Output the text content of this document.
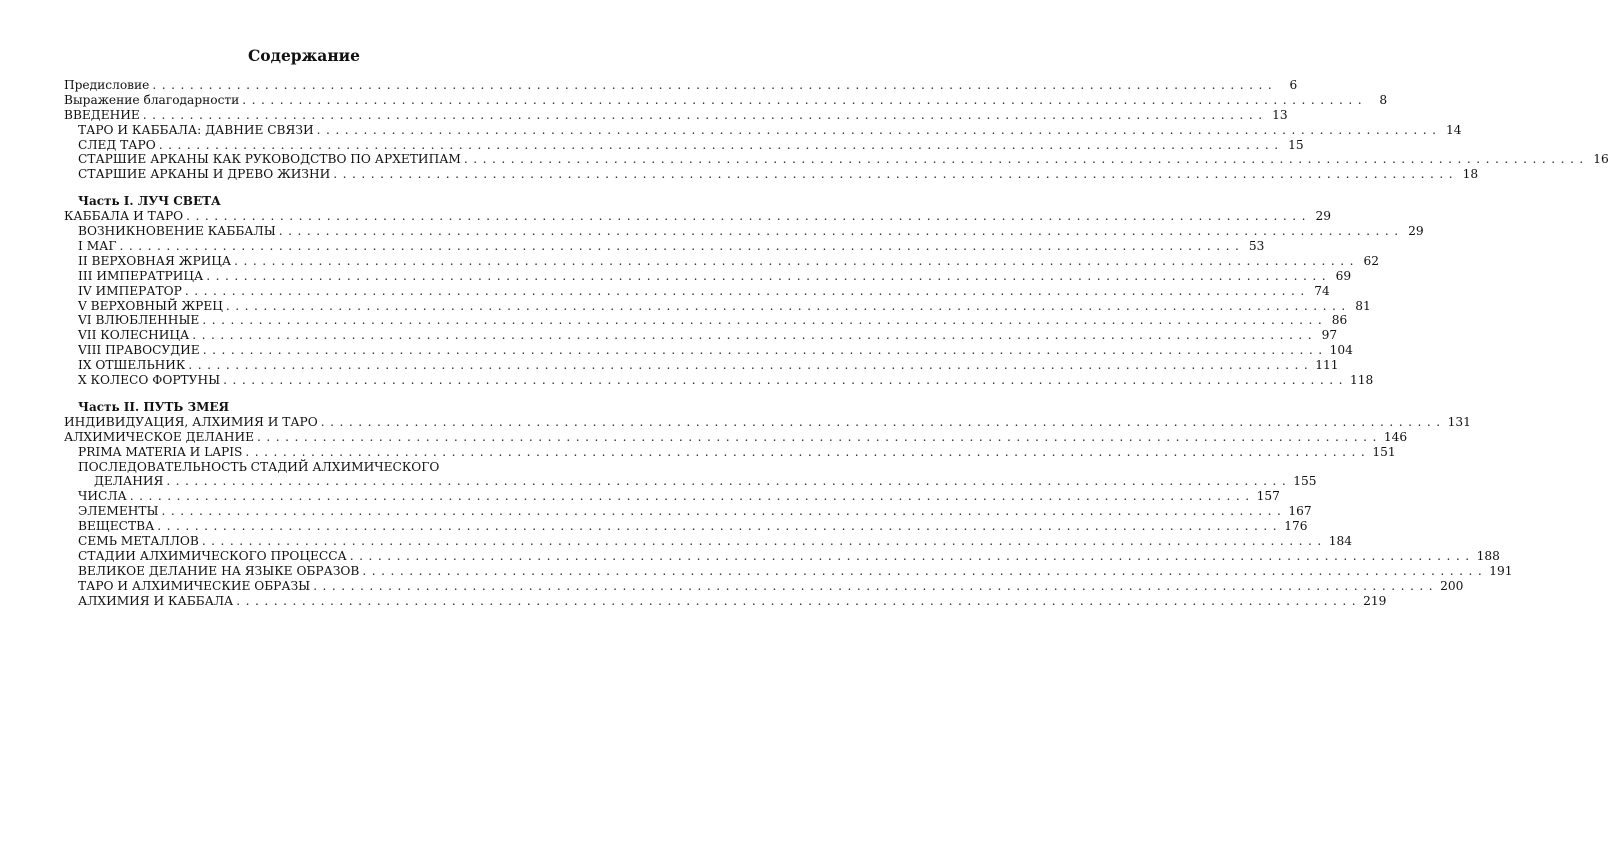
Содержание
Предисловие ........................................................................................................................	6
Выражение благодарности ........................................................................................................................	8
ВВЕДЕНИЕ ........................................................................................................................ 13
ТАРО И КАББАЛА: ДАВНИЕ СВЯЗИ ........................................................................................................................ 14
СЛЕД ТАРО ........................................................................................................................ 15
СТАРШИЕ АРКАНЫ КАК РУКОВОДСТВО ПО АРХЕТИПАМ ........................................................................................................................ 16
СТАРШИЕ АРКАНЫ И ДРЕВО ЖИЗНИ ........................................................................................................................ 18
Часть I. ЛУЧ СВЕТА
КАББАЛА И ТАРО ........................................................................................................................ 29
ВОЗНИКНОВЕНИЕ КАББАЛЫ ........................................................................................................................ 29
I МАГ ........................................................................................................................ 53
II ВЕРХОВНАЯ ЖРИЦА ........................................................................................................................ 62
III ИМПЕРАТРИЦА ........................................................................................................................ 69
IV ИМПЕРАТОР ........................................................................................................................ 74
V ВЕРХОВНЫЙ ЖРЕЦ ........................................................................................................................ 81
VI ВЛЮБЛЕННЫЕ ........................................................................................................................ 86
VII КОЛЕСНИЦА ........................................................................................................................ 97
VIII ПРАВОСУДИЕ ........................................................................................................................ 104
IX ОТШЕЛЬНИК ........................................................................................................................ 111
X КОЛЕСО ФОРТУНЫ ........................................................................................................................ 118
Часть II. ПУТЬ ЗМЕЯ
ИНДИВИДУАЦИЯ, АЛХИМИЯ И ТАРО ........................................................................................................................ 131
АЛХИМИЧЕСКОЕ ДЕЛАНИЕ ........................................................................................................................ 146
PRIMA MATERIA И LAPIS ........................................................................................................................ 151
ПОСЛЕДОВАТЕЛЬНОСТЬ СТАДИЙ АЛХИМИЧЕСКОГО
ДЕЛАНИЯ ........................................................................................................................ 155
ЧИСЛА ........................................................................................................................ 157
ЭЛЕМЕНТЫ ........................................................................................................................ 167
ВЕЩЕСТВА ........................................................................................................................ 176
СЕМЬ МЕТАЛЛОВ ........................................................................................................................ 184
СТАДИИ АЛХИМИЧЕСКОГО ПРОЦЕССА ........................................................................................................................ 188
ВЕЛИКОЕ ДЕЛАНИЕ НА ЯЗЫКЕ ОБРАЗОВ ........................................................................................................................ 191
ТАРО И АЛХИМИЧЕСКИЕ ОБРАЗЫ ........................................................................................................................ 200
АЛХИМИЯ И КАББАЛА ........................................................................................................................ 219
